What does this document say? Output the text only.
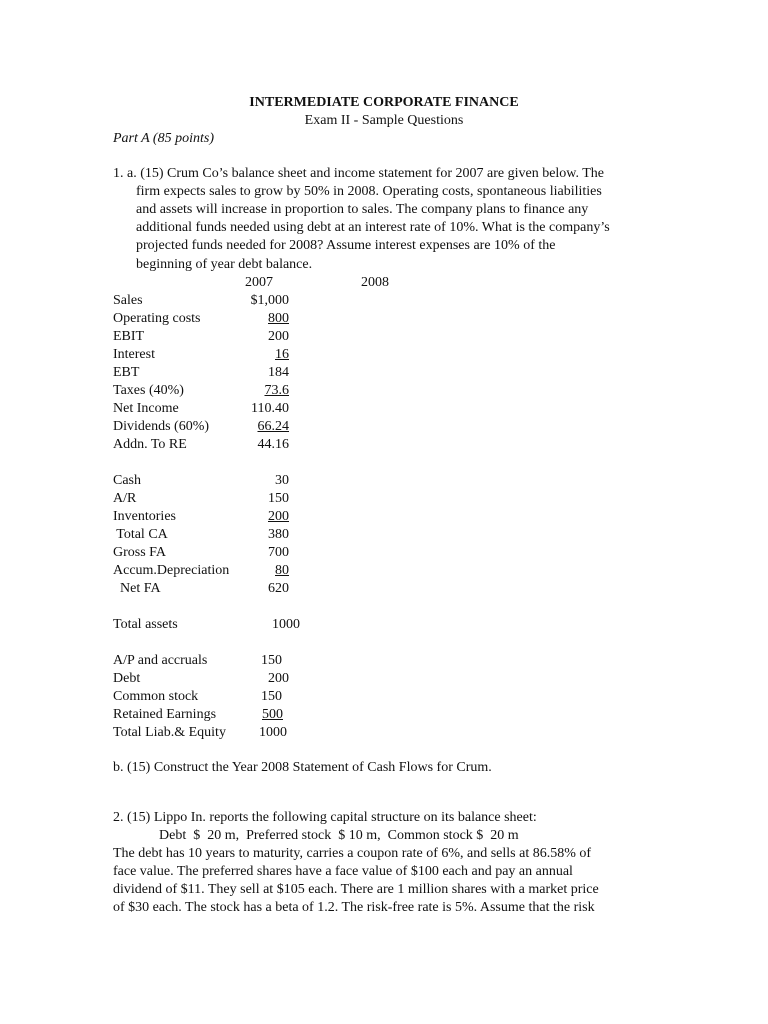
INTERMEDIATE CORPORATE FINANCE
Exam II - Sample Questions
Part A (85 points)
1. a. (15) Crum Co’s balance sheet and income statement for 2007 are given below. The
firm expects sales to grow by 50% in 2008. Operating costs, spontaneous liabilities
and assets will increase in proportion to sales. The company plans to finance any
additional funds needed using debt at an interest rate of 10%. What is the company’s
projected funds needed for 2008? Assume interest expenses are 10% of the
beginning of year debt balance.
2007	2008
Sales	$1,000
Operating costs	800
EBIT	200
Interest	16
EBT	184
Taxes (40%)	73.6
Net Income	110.40
Dividends (60%)	66.24
Addn. To RE	44.16
Cash	30
A/R	150
Inventories	200
Total CA	380
Gross FA	700
Accum.Depreciation	80
Net FA	620
Total assets	1000
A/P and accruals	150
Debt	200
Common stock	150
Retained Earnings	500
Total Liab.& Equity 1000
b. (15) Construct the Year 2008 Statement of Cash Flows for Crum.
2. (15) Lippo In. reports the following capital structure on its balance sheet:
Debt  $  20 m,  Preferred stock  $ 10 m,  Common stock $  20 m
The debt has 10 years to maturity, carries a coupon rate of 6%, and sells at 86.58% of
face value. The preferred shares have a face value of $100 each and pay an annual
dividend of $11. They sell at $105 each. There are 1 million shares with a market price
of $30 each. The stock has a beta of 1.2. The risk-free rate is 5%. Assume that the risk
